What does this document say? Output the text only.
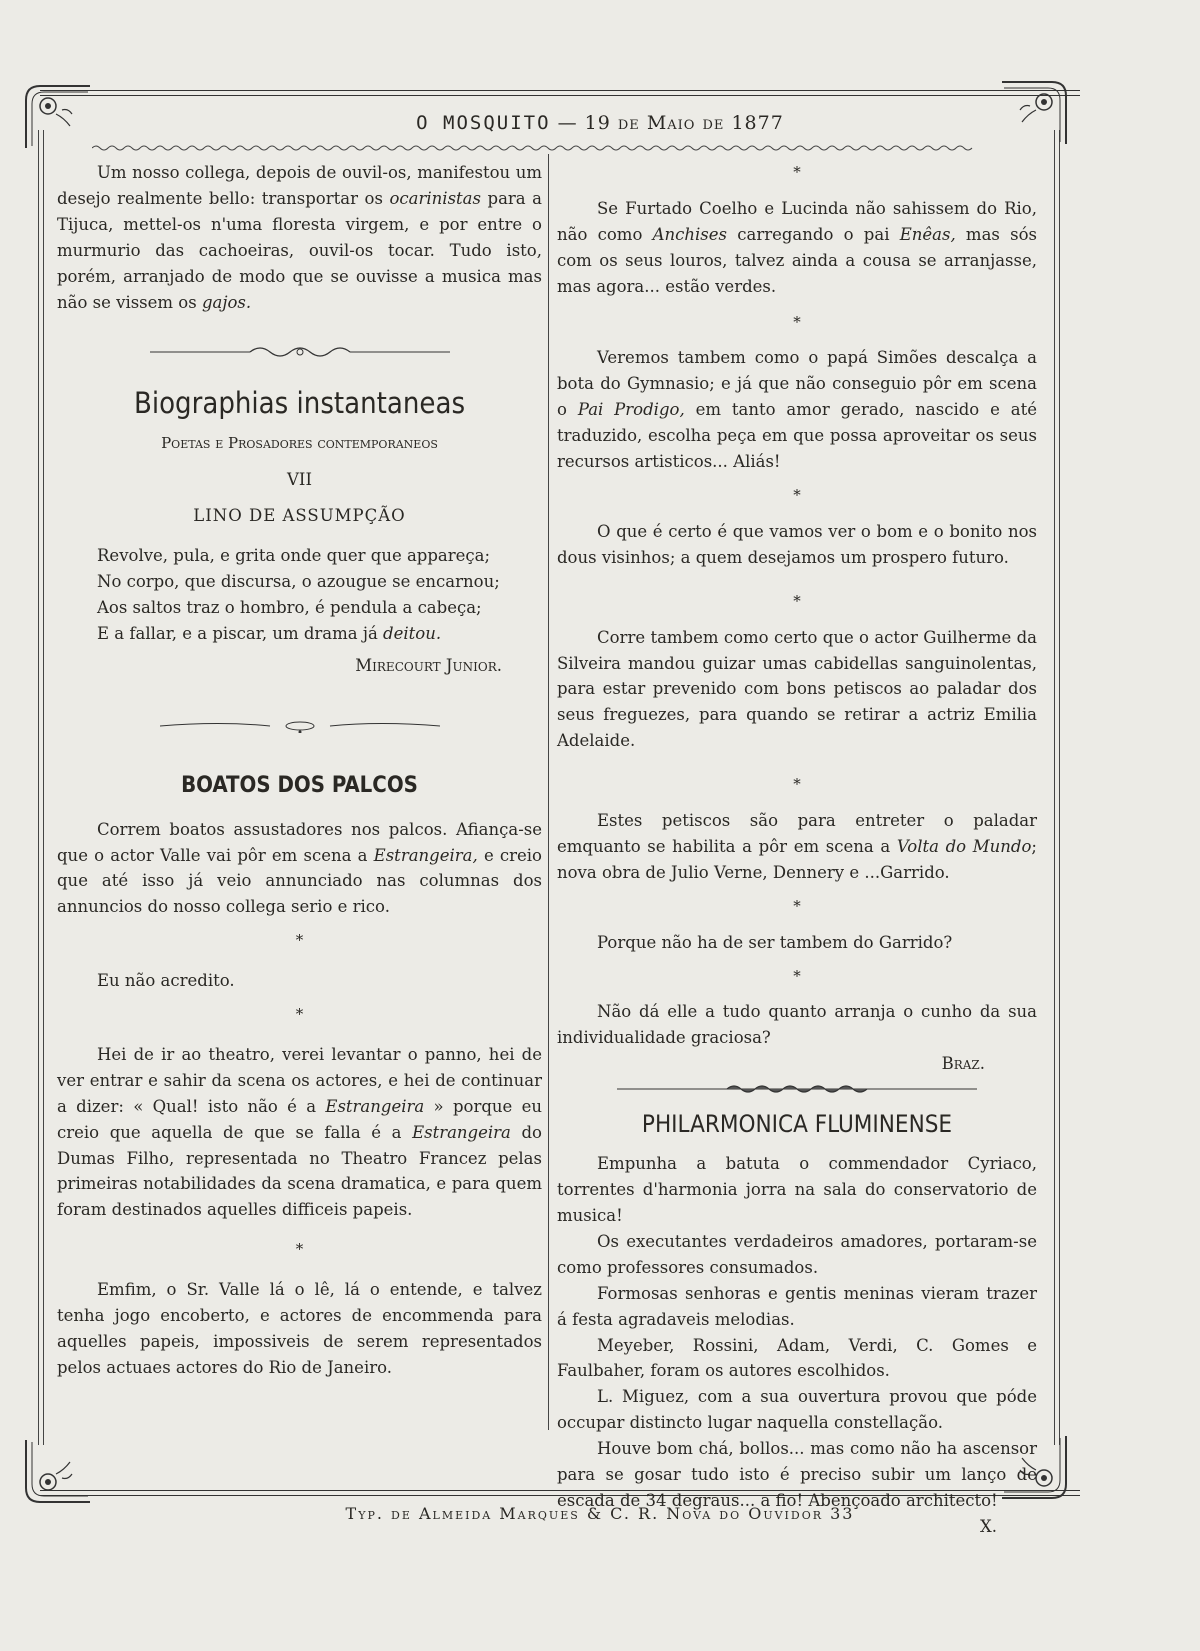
O MOSQUITO — 19 de Maio de 1877

Um nosso collega, depois de ouvil-os, manifestou um desejo realmente bello: transportar os ocarinistas para a Tijuca, mettel-os n'uma floresta virgem, e por entre o murmurio das cachoeiras, ouvil-os tocar. Tudo isto, porém, arranjado de modo que se ouvisse a musica mas não se vissem os gajos.

Biographias instantaneas
Poetas e Prosadores contemporaneos
VII
LINO DE ASSUMPÇÃO
Revolve, pula, e grita onde quer que appareça;
No corpo, que discursa, o azougue se encarnou;
Aos saltos traz o hombro, é pendula a cabeça;
E a fallar, e a piscar, um drama já deitou.
Mirecourt Junior.
BOATOS DOS PALCOS

Correm boatos assustadores nos palcos. Afiança-se que o actor Valle vai pôr em scena a Estrangeira, e creio que até isso já veio annunciado nas columnas dos annuncios do nosso collega serio e rico.

*

Eu não acredito.

*

Hei de ir ao theatro, verei levantar o panno, hei de ver entrar e sahir da scena os actores, e hei de continuar a dizer: « Qual! isto não é a Estrangeira » porque eu creio que aquella de que se falla é a Estrangeira do Dumas Filho, representada no Theatro Francez pelas primeiras notabilidades da scena dramatica, e para quem foram destinados aquelles difficeis papeis.

*

Emfim, o Sr. Valle lá o lê, lá o entende, e talvez tenha jogo encoberto, e actores de encommenda para aquelles papeis, impossiveis de serem representados pelos actuaes actores do Rio de Janeiro.

*

Se Furtado Coelho e Lucinda não sahissem do Rio, não como Anchises carregando o pai Enêas, mas sós com os seus louros, talvez ainda a cousa se arranjasse, mas agora... estão verdes.

*

Veremos tambem como o papá Simões descalça a bota do Gymnasio; e já que não conseguio pôr em scena o Pai Prodigo, em tanto amor gerado, nascido e até traduzido, escolha peça em que possa aproveitar os seus recursos artisticos... Aliás!

*

O que é certo é que vamos ver o bom e o bonito nos dous visinhos; a quem desejamos um prospero futuro.

*

Corre tambem como certo que o actor Guilherme da Silveira mandou guizar umas cabidellas sanguinolentas, para estar prevenido com bons petiscos ao paladar dos seus freguezes, para quando se retirar a actriz Emilia Adelaide.

*

Estes petiscos são para entreter o paladar emquanto se habilita a pôr em scena a Volta do Mundo; nova obra de Julio Verne, Dennery e ...Garrido.

*

Porque não ha de ser tambem do Garrido?

*

Não dá elle a tudo quanto arranja o cunho da sua individualidade graciosa?

Braz.
PHILARMONICA FLUMINENSE

Empunha a batuta o commendador Cyriaco, torrentes d'harmonia jorra na sala do conservatorio de musica!

Os executantes verdadeiros amadores, portaram-se como professores consumados.

Formosas senhoras e gentis meninas vieram trazer á festa agradaveis melodias.

Meyeber, Rossini, Adam, Verdi, C. Gomes e Faulbaher, foram os autores escolhidos.

L. Miguez, com a sua ouvertura provou que póde occupar distincto lugar naquella constellação.

Houve bom chá, bollos... mas como não ha ascensor para se gosar tudo isto é preciso subir um lanço de escada de 34 degraus... a fio! Abençoado architecto!

X.
Typ. de Almeida Marques & C. R. Nova do Ouvidor 33
